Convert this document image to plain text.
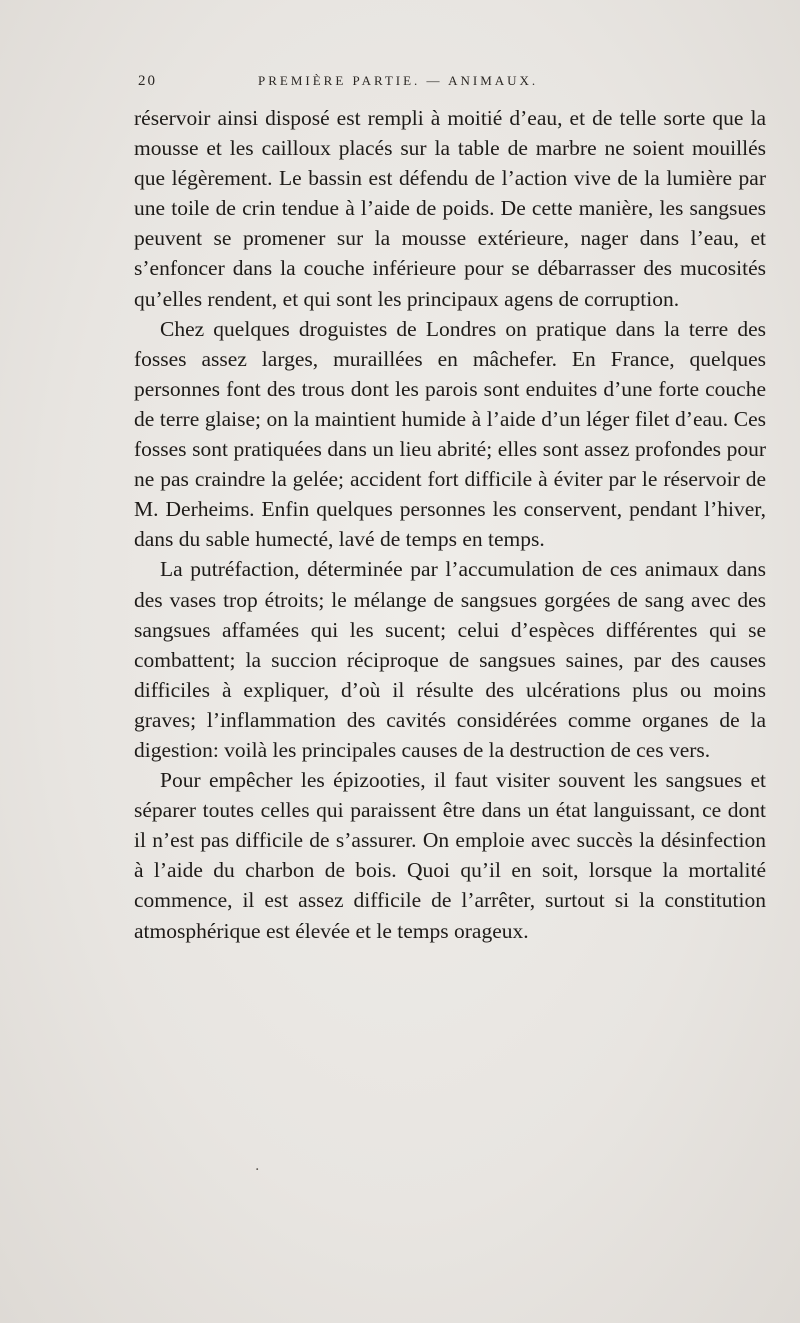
20	PREMIÈRE PARTIE. — ANIMAUX.

réservoir ainsi disposé est rempli à moitié d’eau, et de telle sorte que la mousse et les cailloux placés sur la table de marbre ne soient mouillés que légèrement. Le bassin est défendu de l’action vive de la lumière par une toile de crin tendue à l’aide de poids. De cette manière, les sangsues peuvent se promener sur la mousse extérieure, nager dans l’eau, et s’enfoncer dans la couche inférieure pour se débarrasser des mucosités qu’elles rendent, et qui sont les principaux agens de corruption.

Chez quelques droguistes de Londres on pratique dans la terre des fosses assez larges, muraillées en mâchefer. En France, quelques personnes font des trous dont les parois sont enduites d’une forte couche de terre glaise; on la maintient humide à l’aide d’un léger filet d’eau. Ces fosses sont pratiquées dans un lieu abrité; elles sont assez profondes pour ne pas craindre la gelée; accident fort difficile à éviter par le réservoir de M. Derheims. Enfin quelques personnes les conservent, pendant l’hiver, dans du sable humecté, lavé de temps en temps.

La putréfaction, déterminée par l’accumulation de ces animaux dans des vases trop étroits; le mélange de sangsues gorgées de sang avec des sangsues affamées qui les sucent; celui d’espèces différentes qui se combattent; la succion réciproque de sangsues saines, par des causes difficiles à expliquer, d’où il résulte des ulcérations plus ou moins graves; l’inflammation des cavités considérées comme organes de la digestion: voilà les principales causes de la destruction de ces vers.

Pour empêcher les épizooties, il faut visiter souvent les sangsues et séparer toutes celles qui paraissent être dans un état languissant, ce dont il n’est pas difficile de s’assurer. On emploie avec succès la désinfection à l’aide du charbon de bois. Quoi qu’il en soit, lorsque la mortalité commence, il est assez difficile de l’arrêter, surtout si la constitution atmosphérique est élevée et le temps orageux.

·
